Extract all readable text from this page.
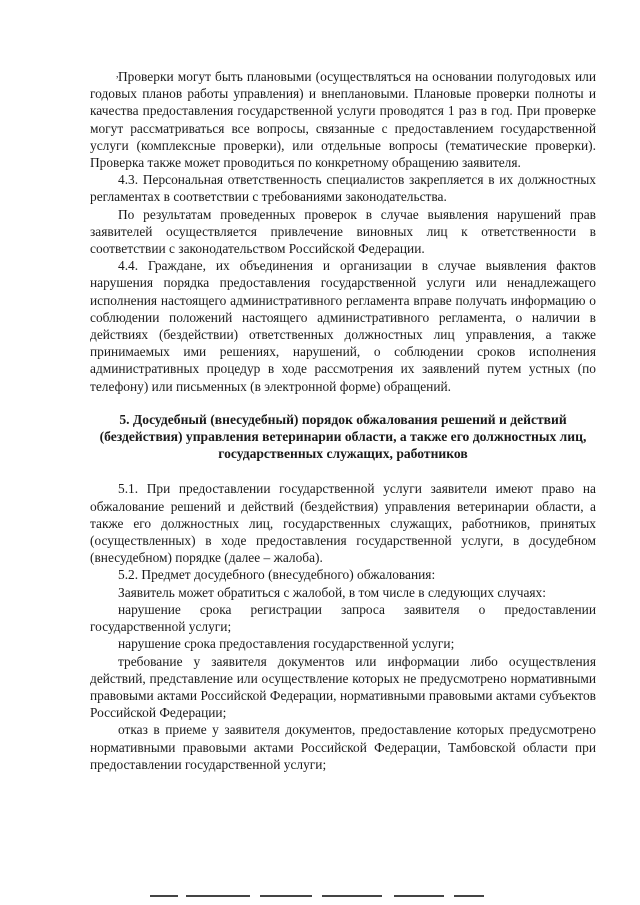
, Проверки могут быть плановыми (осуществляться на основании полугодовых или годовых планов работы управления) и внеплановыми. Плановые проверки полноты и качества предоставления государственной услуги проводятся 1 раз в год. При проверке могут рассматриваться все вопросы, связанные с предоставлением государственной услуги (комплексные проверки), или отдельные вопросы (тематические проверки). Проверка также может проводиться по конкретному обращению заявителя.

4.3. Персональная ответственность специалистов закрепляется в их должностных регламентах в соответствии с требованиями законодательства.

По результатам проведенных проверок в случае выявления нарушений прав заявителей осуществляется привлечение виновных лиц к ответственности в соответствии с законодательством Российской Федерации.

4.4. Граждане, их объединения и организации в случае выявления фактов нарушения порядка предоставления государственной услуги или ненадлежащего исполнения настоящего административного регламента вправе получать информацию о соблюдении положений настоящего административного регламента, о наличии в действиях (бездействии) ответственных должностных лиц управления, а также принимаемых ими решениях, нарушений, о соблюдении сроков исполнения административных процедур в ходе рассмотрения их заявлений путем устных (по телефону) или письменных (в электронной форме) обращений.

5. Досудебный (внесудебный) порядок обжалования решений и действий (бездействия) управления ветеринарии области, а также его должностных лиц, государственных служащих, работников

5.1. При предоставлении государственной услуги заявители имеют право на обжалование решений и действий (бездействия) управления ветеринарии области, а также его должностных лиц, государственных служащих, работников, принятых (осуществленных) в ходе предоставления государственной услуги, в досудебном (внесудебном) порядке (далее – жалоба).

5.2. Предмет досудебного (внесудебного) обжалования:

Заявитель может обратиться с жалобой, в том числе в следующих случаях:

нарушение срока регистрации запроса заявителя о предоставлении государственной услуги;

нарушение срока предоставления государственной услуги;

требование у заявителя документов или информации либо осуществления действий, представление или осуществление которых не предусмотрено нормативными правовыми актами Российской Федерации, нормативными правовыми актами субъектов Российской Федерации;

отказ в приеме у заявителя документов, предоставление которых предусмотрено нормативными правовыми актами Российской Федерации, Тамбовской области при предоставлении государственной услуги;
